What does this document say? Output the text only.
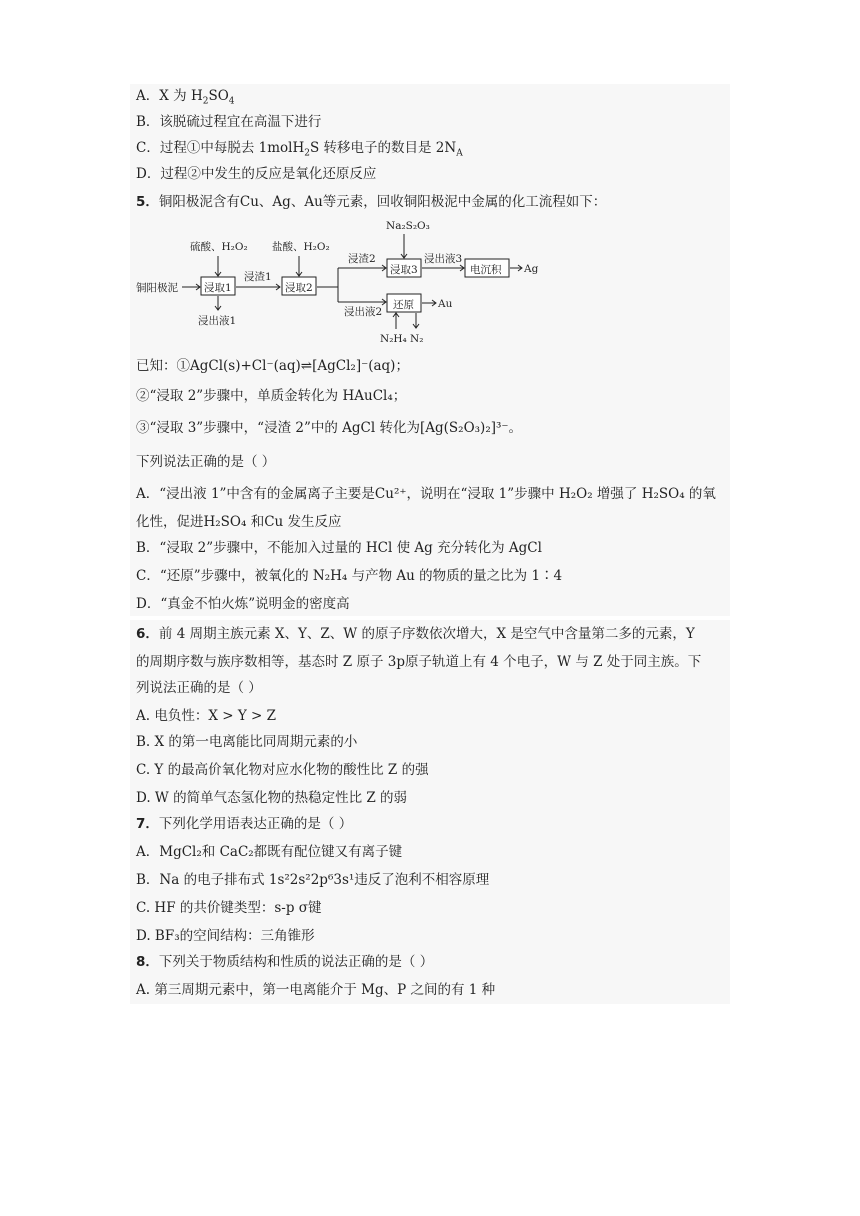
A．X 为 $H_2SO_4$
B．该脱硫过程宜在高温下进行
C．过程①中每脱去 1molH$_2$S 转移电子的数目是 $2N_A$
D．过程②中发生的反应是氧化还原反应
5．铜阳极泥含有Cu、Ag、Au等元素，回收铜阳极泥中金属的化工流程如下：
铜阳极泥 浸取1
硫酸、H₂O₂
浸出液1
浸渣1
浸取2
盐酸、H₂O₂
浸渣2
浸出液2
浸取3
Na₂S₂O₃
浸出液3
电沉积 Ag
还原 Au
N₂H₄ N₂
已知：①AgCl(s)+Cl⁻(aq)⇌[AgCl₂]⁻(aq)；
②“浸取 2”步骤中，单质金转化为 HAuCl₄；
③“浸取 3”步骤中，“浸渣 2”中的 AgCl 转化为[Ag(S₂O₃)₂]³⁻。
下列说法正确的是（ ）
A．“浸出液 1”中含有的金属离子主要是Cu²⁺，说明在“浸取 1”步骤中 H₂O₂ 增强了 H₂SO₄ 的氧
化性，促进H₂SO₄ 和Cu 发生反应
B．“浸取 2”步骤中，不能加入过量的 HCl 使 Ag 充分转化为 AgCl
C．“还原”步骤中，被氧化的 N₂H₄ 与产物 Au 的物质的量之比为 1∶4
D．“真金不怕火炼”说明金的密度高
6．前 4 周期主族元素 X、Y、Z、W 的原子序数依次增大，X 是空气中含量第二多的元素，Y
的周期序数与族序数相等，基态时 Z 原子 3p原子轨道上有 4 个电子，W 与 Z 处于同主族。下
列说法正确的是（ ）
A. 电负性：X > Y > Z
B. X 的第一电离能比同周期元素的小
C. Y 的最高价氧化物对应水化物的酸性比 Z 的强
D. W 的简单气态氢化物的热稳定性比 Z 的弱
7．下列化学用语表达正确的是（ ）
A．MgCl₂和 CaC₂都既有配位键又有离子键
B．Na 的电子排布式 1s²2s²2p⁶3s¹违反了泡利不相容原理
C. HF 的共价键类型：s-p σ键
D. BF₃的空间结构：三角锥形
8．下列关于物质结构和性质的说法正确的是（ ）
A. 第三周期元素中，第一电离能介于 Mg、P 之间的有 1 种
